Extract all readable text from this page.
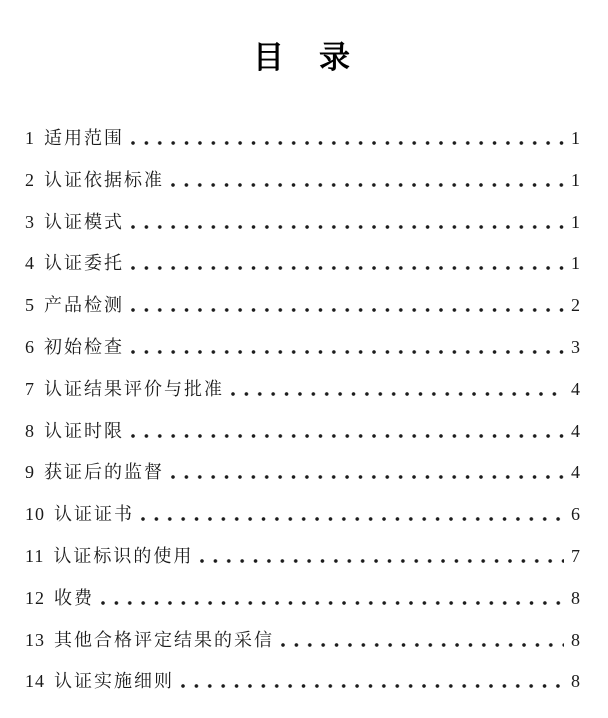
目　录
1 适用范围	1
2 认证依据标准	1
3 认证模式	1
4 认证委托	1
5 产品检测	2
6 初始检查	3
7 认证结果评价与批准	4
8 认证时限	4
9 获证后的监督	4
10 认证证书	6
11 认证标识的使用	7
12 收费	8
13 其他合格评定结果的采信	8
14 认证实施细则	8
